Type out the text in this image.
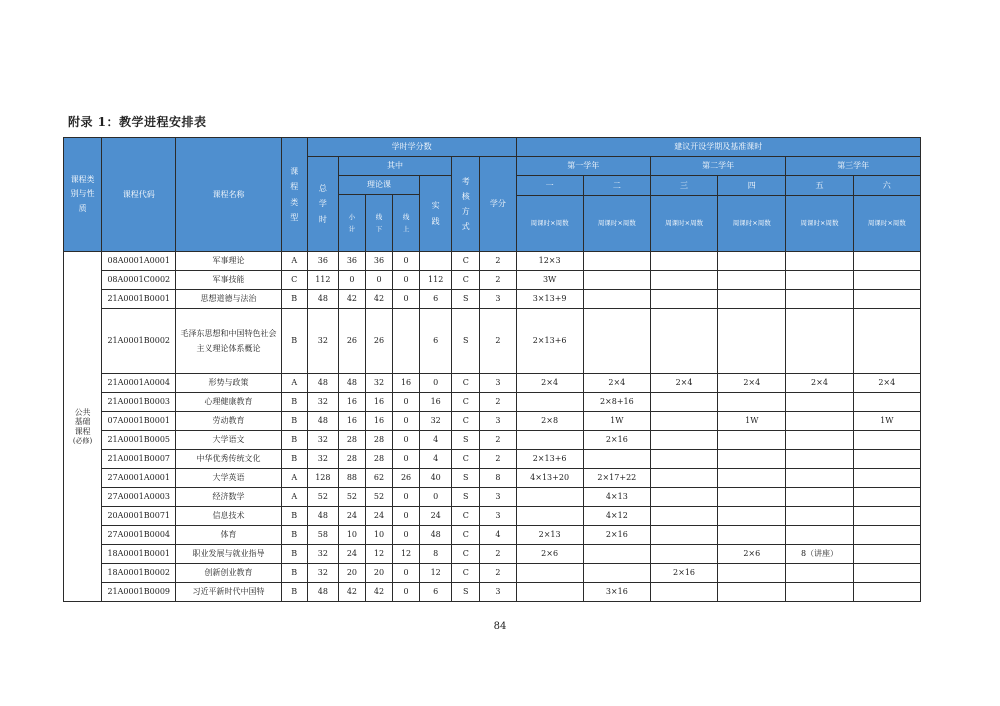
附录 1：教学进程安排表
课程类别与性质	课程代码	课程名称	课程类型	学时学分数							建议开设学期及基准课时					
				总学时	其中				考核方式	学分	第一学年		第二学年		第三学年	
					理论课			实践			一	二	三	四	五	六
					小计	线下	线上									
											周课时×周数	周课时×周数	周课时×周数	周课时×周数	周课时×周数	周课时×周数

公共
基础
课程
(必修)	08A0001A0001	军事理论	A	36	36	36	0		C	2	12×3					
	08A0001C0002	军事技能	C	112	0	0	0	112	C	2	3W					
	21A0001B0001	思想道德与法治	B	48	42	42	0	6	S	3	3×13+9					
	21A0001B0002	毛泽东思想和中国特色社会主义理论体系概论	B	32	26	26		6	S	2	2×13+6					
	21A0001A0004	形势与政策	A	48	48	32	16	0	C	3	2×4	2×4	2×4	2×4	2×4	2×4
	21A0001B0003	心理健康教育	B	32	16	16	0	16	C	2		2×8+16				
	07A0001B0001	劳动教育	B	48	16	16	0	32	C	3	2×8	1W		1W		1W
	21A0001B0005	大学语文	B	32	28	28	0	4	S	2		2×16				
	21A0001B0007	中华优秀传统文化	B	32	28	28	0	4	C	2	2×13+6					
	27A0001A0001	大学英语	A	128	88	62	26	40	S	8	4×13+20	2×17+22				
	27A0001A0003	经济数学	A	52	52	52	0	0	S	3		4×13				
	20A0001B0071	信息技术	B	48	24	24	0	24	C	3		4×12				
	27A0001B0004	体育	B	58	10	10	0	48	C	4	2×13	2×16				
	18A0001B0001	职业发展与就业指导	B	32	24	12	12	8	C	2	2×6			2×6	8（讲座）	
	18A0001B0002	创新创业教育	B	32	20	20	0	12	C	2			2×16			
	21A0001B0009	习近平新时代中国特	B	48	42	42	0	6	S	3		3×16				
84
